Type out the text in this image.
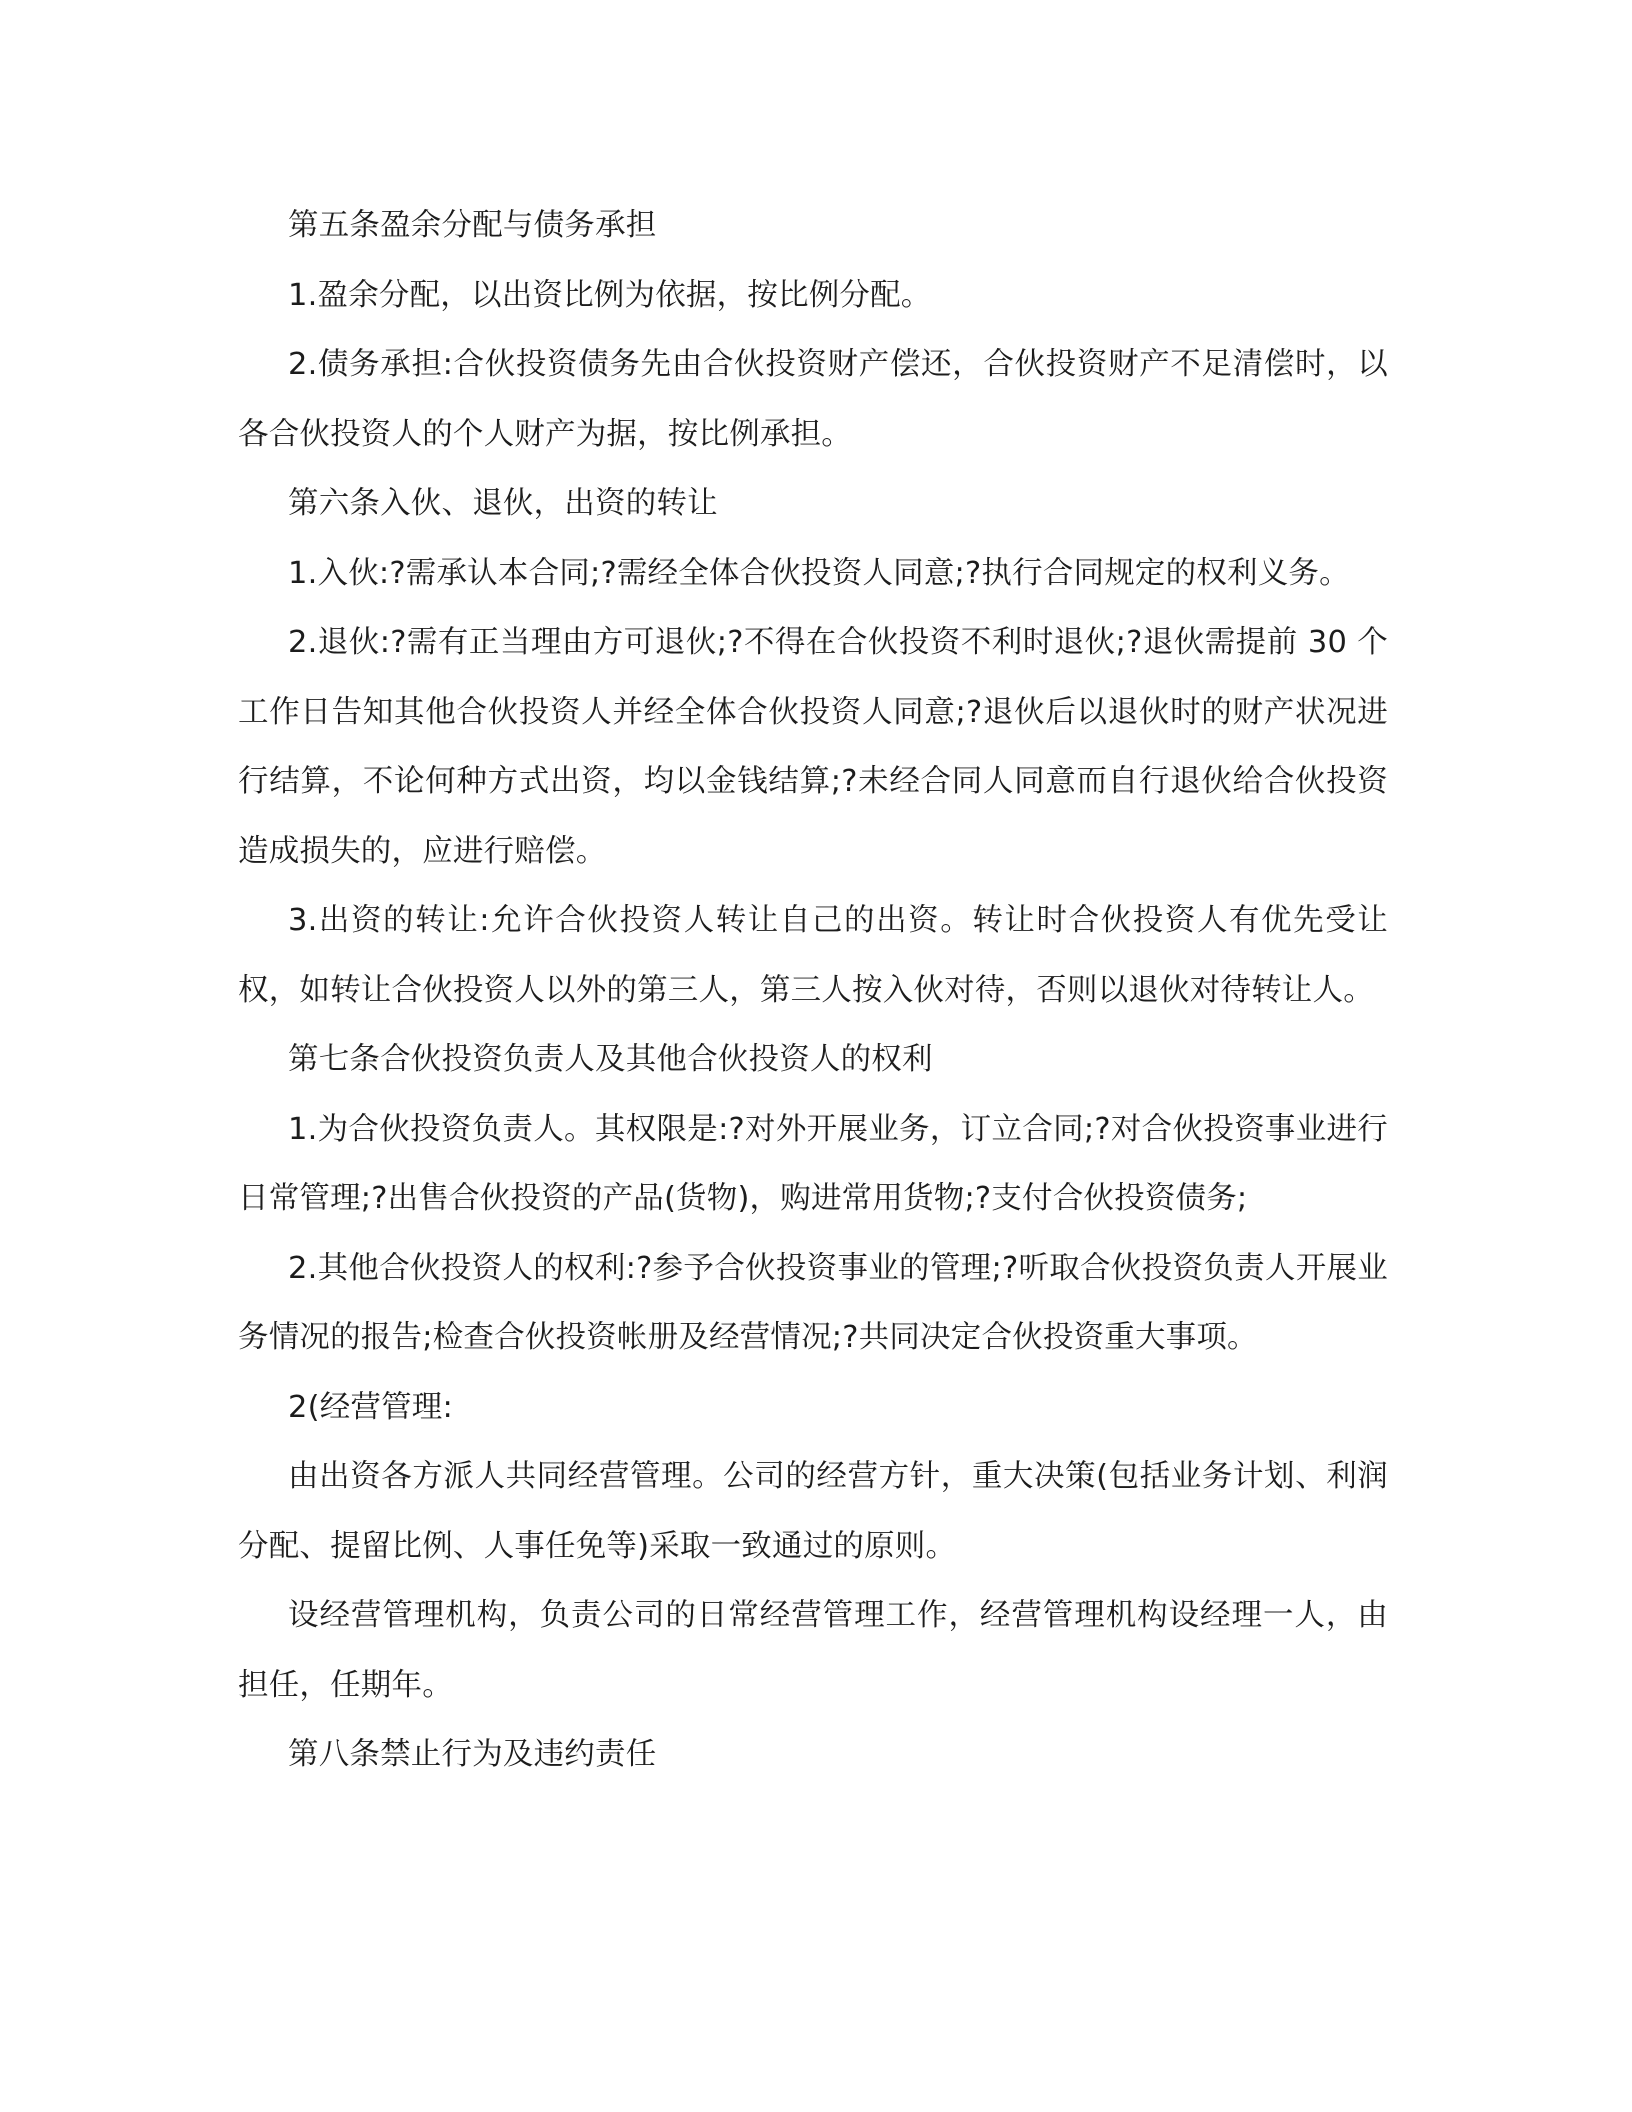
第五条盈余分配与债务承担

1.盈余分配，以出资比例为依据，按比例分配。

2.债务承担:合伙投资债务先由合伙投资财产偿还，合伙投资财产不足清偿时，以各合伙投资人的个人财产为据，按比例承担。

第六条入伙、退伙，出资的转让

1.入伙:?需承认本合同;?需经全体合伙投资人同意;?执行合同规定的权利义务。

2.退伙:?需有正当理由方可退伙;?不得在合伙投资不利时退伙;?退伙需提前 30 个工作日告知其他合伙投资人并经全体合伙投资人同意;?退伙后以退伙时的财产状况进行结算，不论何种方式出资，均以金钱结算;?未经合同人同意而自行退伙给合伙投资造成损失的，应进行赔偿。

3.出资的转让:允许合伙投资人转让自己的出资。转让时合伙投资人有优先受让权，如转让合伙投资人以外的第三人，第三人按入伙对待，否则以退伙对待转让人。

第七条合伙投资负责人及其他合伙投资人的权利

1.为合伙投资负责人。其权限是:?对外开展业务，订立合同;?对合伙投资事业进行日常管理;?出售合伙投资的产品(货物)，购进常用货物;?支付合伙投资债务;

2.其他合伙投资人的权利:?参予合伙投资事业的管理;?听取合伙投资负责人开展业务情况的报告;检查合伙投资帐册及经营情况;?共同决定合伙投资重大事项。

2(经营管理:

由出资各方派人共同经营管理。公司的经营方针，重大决策(包括业务计划、利润分配、提留比例、人事任免等)采取一致通过的原则。

设经营管理机构，负责公司的日常经营管理工作，经营管理机构设经理一人，由担任，任期年。

第八条禁止行为及违约责任
